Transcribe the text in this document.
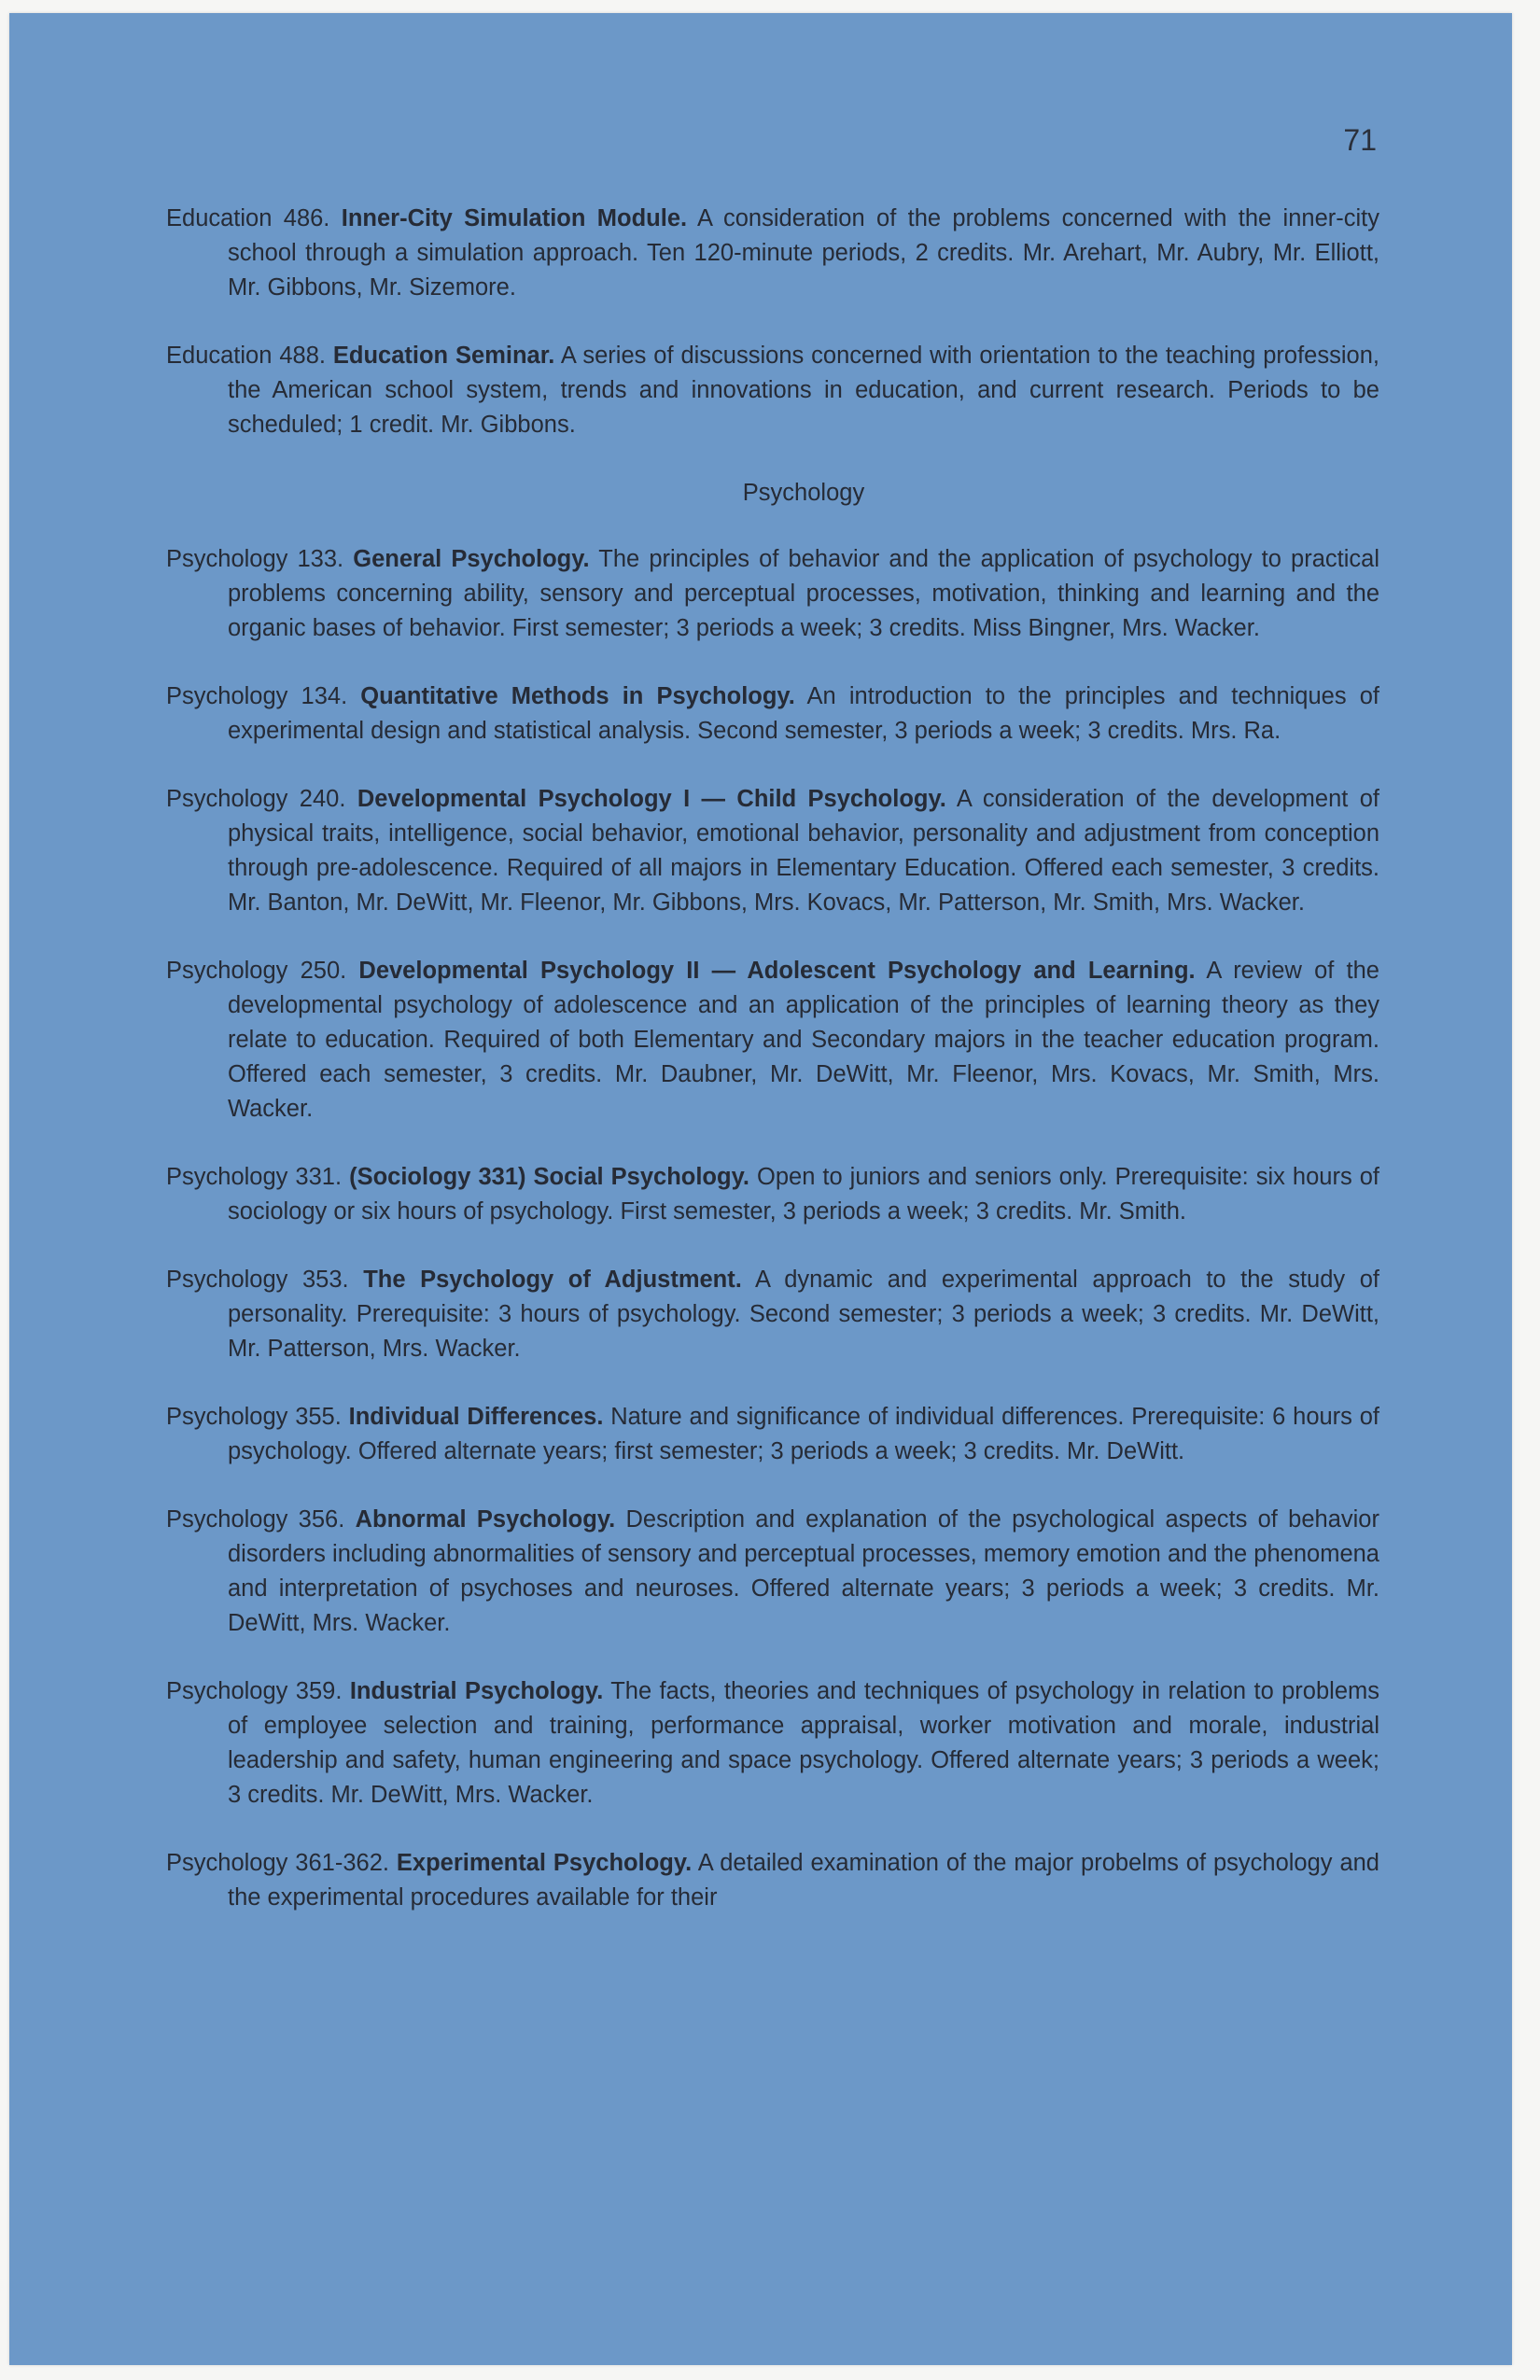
71

Education 486. Inner-City Simulation Module. A consideration of the problems concerned with the inner-city school through a simulation approach. Ten 120-minute periods, 2 credits. Mr. Arehart, Mr. Aubry, Mr. Elliott, Mr. Gibbons, Mr. Sizemore.

Education 488. Education Seminar. A series of discussions concerned with orientation to the teaching profession, the American school system, trends and innovations in education, and current research. Periods to be scheduled; 1 credit. Mr. Gibbons.

Psychology

Psychology 133. General Psychology. The principles of behavior and the application of psychology to practical problems concerning ability, sensory and perceptual processes, motivation, thinking and learning and the organic bases of behavior. First semester; 3 periods a week; 3 credits. Miss Bingner, Mrs. Wacker.

Psychology 134. Quantitative Methods in Psychology. An introduction to the principles and techniques of experimental design and statistical analysis. Second semester, 3 periods a week; 3 credits. Mrs. Ra.

Psychology 240. Developmental Psychology I — Child Psychology. A consideration of the development of physical traits, intelligence, social behavior, emotional behavior, personality and adjustment from conception through pre-adolescence. Required of all majors in Elementary Education. Offered each semester, 3 credits. Mr. Banton, Mr. DeWitt, Mr. Fleenor, Mr. Gibbons, Mrs. Kovacs, Mr. Patterson, Mr. Smith, Mrs. Wacker.

Psychology 250. Developmental Psychology II — Adolescent Psychology and Learning. A review of the developmental psychology of adolescence and an application of the principles of learning theory as they relate to education. Required of both Elementary and Secondary majors in the teacher education program. Offered each semester, 3 credits. Mr. Daubner, Mr. DeWitt, Mr. Fleenor, Mrs. Kovacs, Mr. Smith, Mrs. Wacker.

Psychology 331. (Sociology 331) Social Psychology. Open to juniors and seniors only. Prerequisite: six hours of sociology or six hours of psychology. First semester, 3 periods a week; 3 credits. Mr. Smith.

Psychology 353. The Psychology of Adjustment. A dynamic and experimental approach to the study of personality. Prerequisite: 3 hours of psychology. Second semester; 3 periods a week; 3 credits. Mr. DeWitt, Mr. Patterson, Mrs. Wacker.

Psychology 355. Individual Differences. Nature and significance of individual differences. Prerequisite: 6 hours of psychology. Offered alternate years; first semester; 3 periods a week; 3 credits. Mr. DeWitt.

Psychology 356. Abnormal Psychology. Description and explanation of the psychological aspects of behavior disorders including abnormalities of sensory and perceptual processes, memory emotion and the phenomena and interpretation of psychoses and neuroses. Offered alternate years; 3 periods a week; 3 credits. Mr. DeWitt, Mrs. Wacker.

Psychology 359. Industrial Psychology. The facts, theories and techniques of psychology in relation to problems of employee selection and training, performance appraisal, worker motivation and morale, industrial leadership and safety, human engineering and space psychology. Offered alternate years; 3 periods a week; 3 credits. Mr. DeWitt, Mrs. Wacker.

Psychology 361-362. Experimental Psychology. A detailed examination of the major probelms of psychology and the experimental procedures available for their
